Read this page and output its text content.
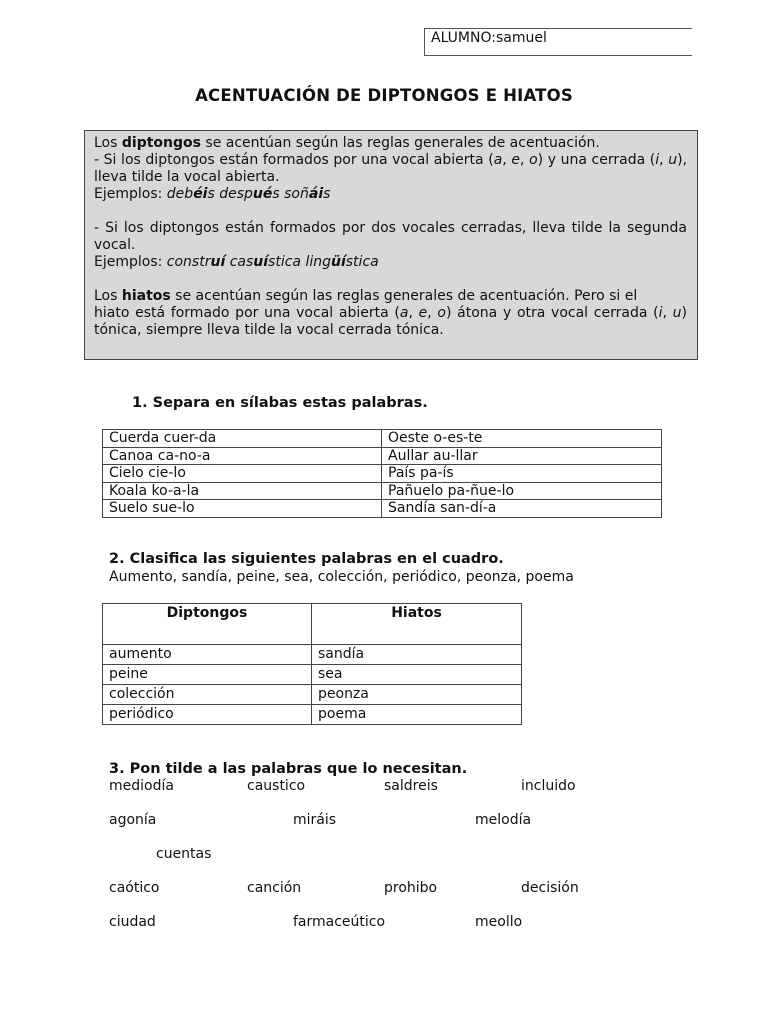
ALUMNO:samuel
ACENTUACIÓN DE DIPTONGOS E HIATOS

Los diptongos se acentúan según las reglas generales de acentuación.

- Si los diptongos están formados por una vocal abierta (a, e, o) y una cerrada (i, u), lleva tilde la vocal abierta.

Ejemplos: debéis después soñáis

- Si los diptongos están formados por dos vocales cerradas, lleva tilde la segunda vocal.

Ejemplos: construí casuística lingüística

Los hiatos se acentúan según las reglas generales de acentuación. Pero si el

hiato está formado por una vocal abierta (a, e, o) átona y otra vocal cerrada (i, u) tónica, siempre lleva tilde la vocal cerrada tónica.

1. Separa en sílabas estas palabras.
Cuerda cuer-da	Oeste o-es-te
Canoa ca-no-a	Aullar au-llar
Cielo cie-lo	País pa-ís
Koala ko-a-la	Pañuelo pa-ñue-lo
Suelo sue-lo	Sandía san-dí-a
2. Clasifica las siguientes palabras en el cuadro.
Aumento, sandía, peine, sea, colección, periódico, peonza, poema
Diptongos	Hiatos
aumento	sandía
peine	sea
colección	peonza
periódico	poema
3. Pon tilde a las palabras que lo necesitan.
mediodía	caustico	saldreis	incluido
agonía	miráis	melodía
cuentas
caótico	canción	prohibo	decisión
ciudad	farmaceútico	meollo
